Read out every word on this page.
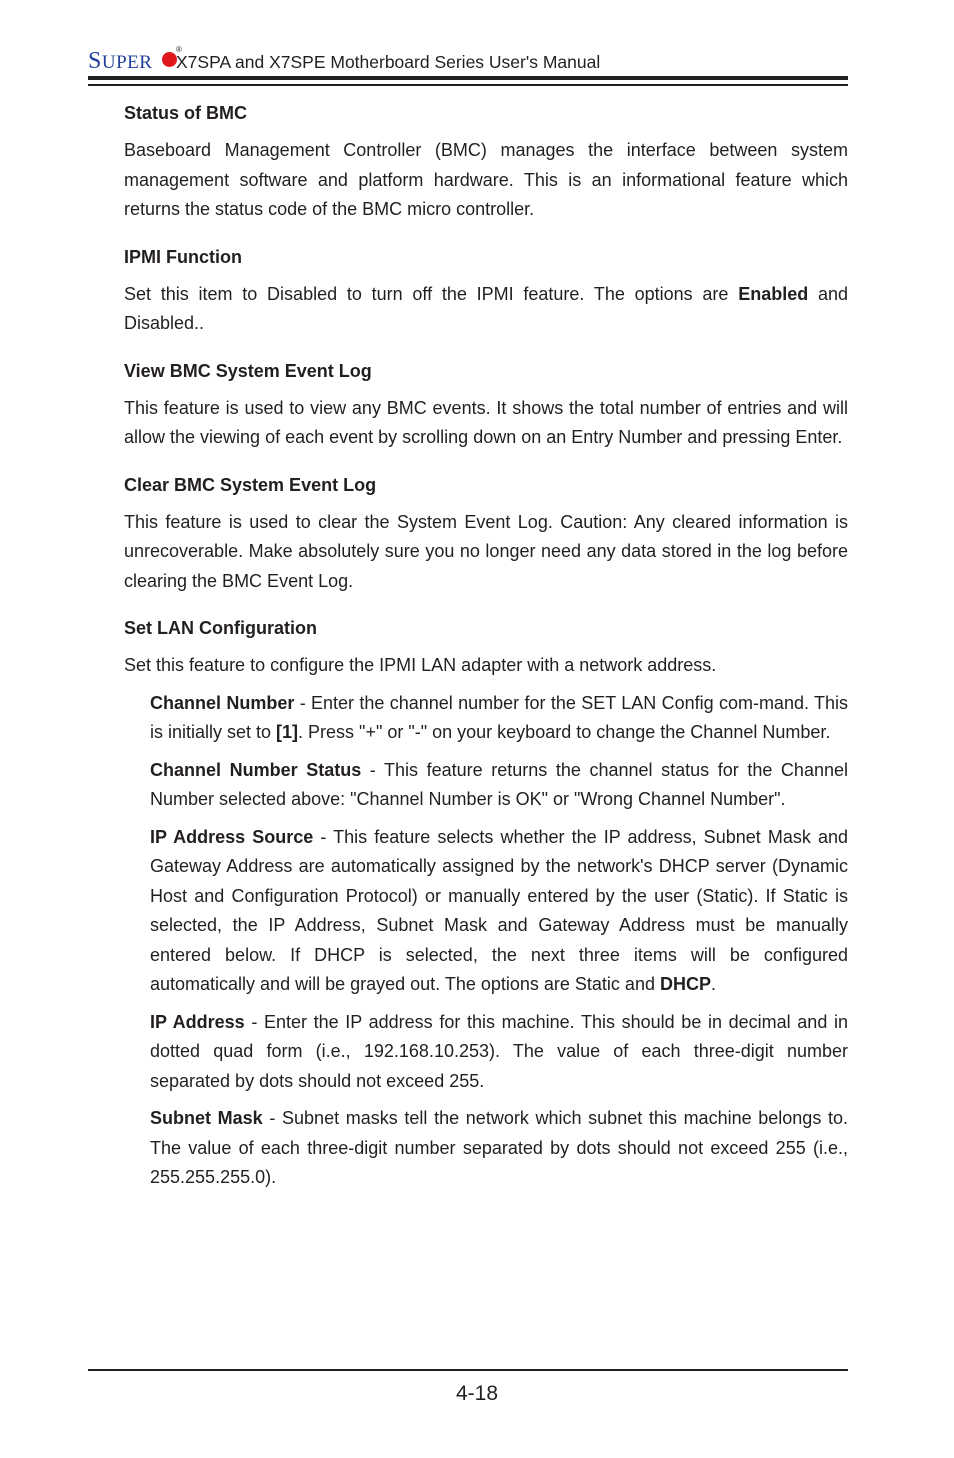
SUPER
®
X7SPA and X7SPE Motherboard Series User's Manual
Status of BMC

Baseboard Management Controller (BMC) manages the interface between system management software and platform hardware. This is an informational feature which returns the status code of the BMC micro controller.

IPMI Function

Set this item to Disabled to turn off the IPMI feature. The options are Enabled and Disabled..

View BMC System Event Log

This feature is used to view any BMC events. It shows the total number of entries and will allow the viewing of each event by scrolling down on an Entry Number and pressing Enter.

Clear BMC System Event Log

This feature is used to clear the System Event Log. Caution: Any cleared information is unrecoverable. Make absolutely sure you no longer need any data stored in the log before clearing the BMC Event Log.

Set LAN Configuration

Set this feature to configure the IPMI LAN adapter with a network address.

Channel Number - Enter the channel number for the SET LAN Config com-mand. This is initially set to [1]. Press "+" or "-" on your keyboard to change the Channel Number.

Channel Number Status - This feature returns the channel status for the Channel Number selected above: "Channel Number is OK" or "Wrong Channel Number".

IP Address Source - This feature selects whether the IP address, Subnet Mask and Gateway Address are automatically assigned by the network's DHCP server (Dynamic Host and Configuration Protocol) or manually entered by the user (Static). If Static is selected, the IP Address, Subnet Mask and Gateway Address must be manually entered below. If DHCP is selected, the next three items will be configured automatically and will be grayed out. The options are Static and DHCP.

IP Address - Enter the IP address for this machine. This should be in decimal and in dotted quad form (i.e., 192.168.10.253). The value of each three-digit number separated by dots should not exceed 255.

Subnet Mask - Subnet masks tell the network which subnet this machine belongs to. The value of each three-digit number separated by dots should not exceed 255 (i.e., 255.255.255.0).

4-18
